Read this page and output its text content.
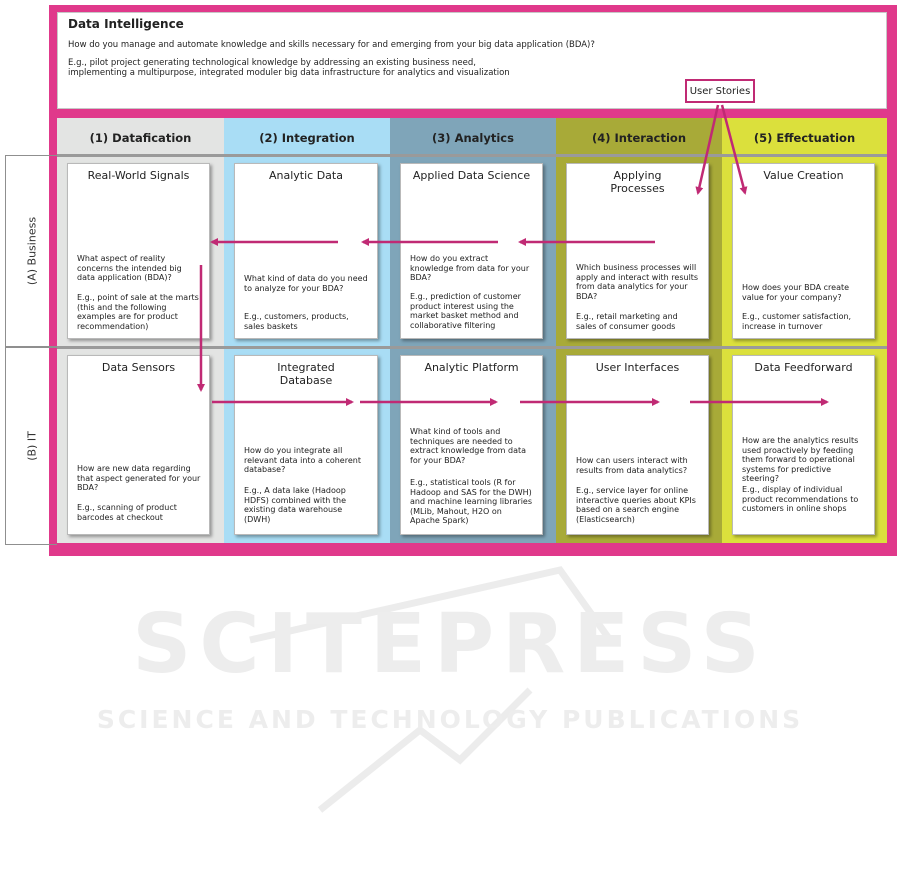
Data Intelligence
How do you manage and automate knowledge and skills necessary for and emerging from your big data application (BDA)?
E.g., pilot project generating technological knowledge by addressing an existing business need,
implementing a multipurpose, integrated moduler big data infrastructure for analytics and visualization
(1) Datafication	(2) Integration	(3) Analytics	(4) Interaction	(5) Effectuation
(A) Business
(B) IT
Real-World Signals
What aspect of reality concerns the intended big data application (BDA)?
E.g., point of sale at the marts (this and the following examples are for product recommendation)
Analytic Data
What kind of data do you need to analyze for your BDA?
E.g., customers, products, sales baskets
Applied Data Science
How do you extract knowledge from data for your BDA?
E.g., prediction of customer product interest using the market basket method and collaborative filtering
Applying Processes
Which business processes will apply and interact with results from data analytics for your BDA?
E.g., retail marketing and sales of consumer goods
Value Creation
How does your BDA create value for your company?
E.g., customer satisfaction, increase in turnover
Data Sensors
How are new data regarding that aspect generated for your BDA?
E.g., scanning of product barcodes at checkout
Integrated Database
How do you integrate all relevant data into a coherent database?
E.g., A data lake (Hadoop HDFS) combined with the existing data warehouse (DWH)
Analytic Platform
What kind of tools and techniques are needed to extract knowledge from data for your BDA?
E.g., statistical tools (R for Hadoop and SAS for the DWH) and machine learning libraries (MLib, Mahout, H2O on Apache Spark)
User Interfaces
How can users interact with results from data analytics?
E.g., service layer for online interactive queries about KPIs based on a search engine (Elasticsearch)
Data Feedforward
How are the analytics results used proactively by feeding them forward to operational systems for predictive steering?
E.g., display of individual product recommendations to customers in online shops
User Stories
SCITEPRESS
SCIENCE AND TECHNOLOGY PUBLICATIONS
